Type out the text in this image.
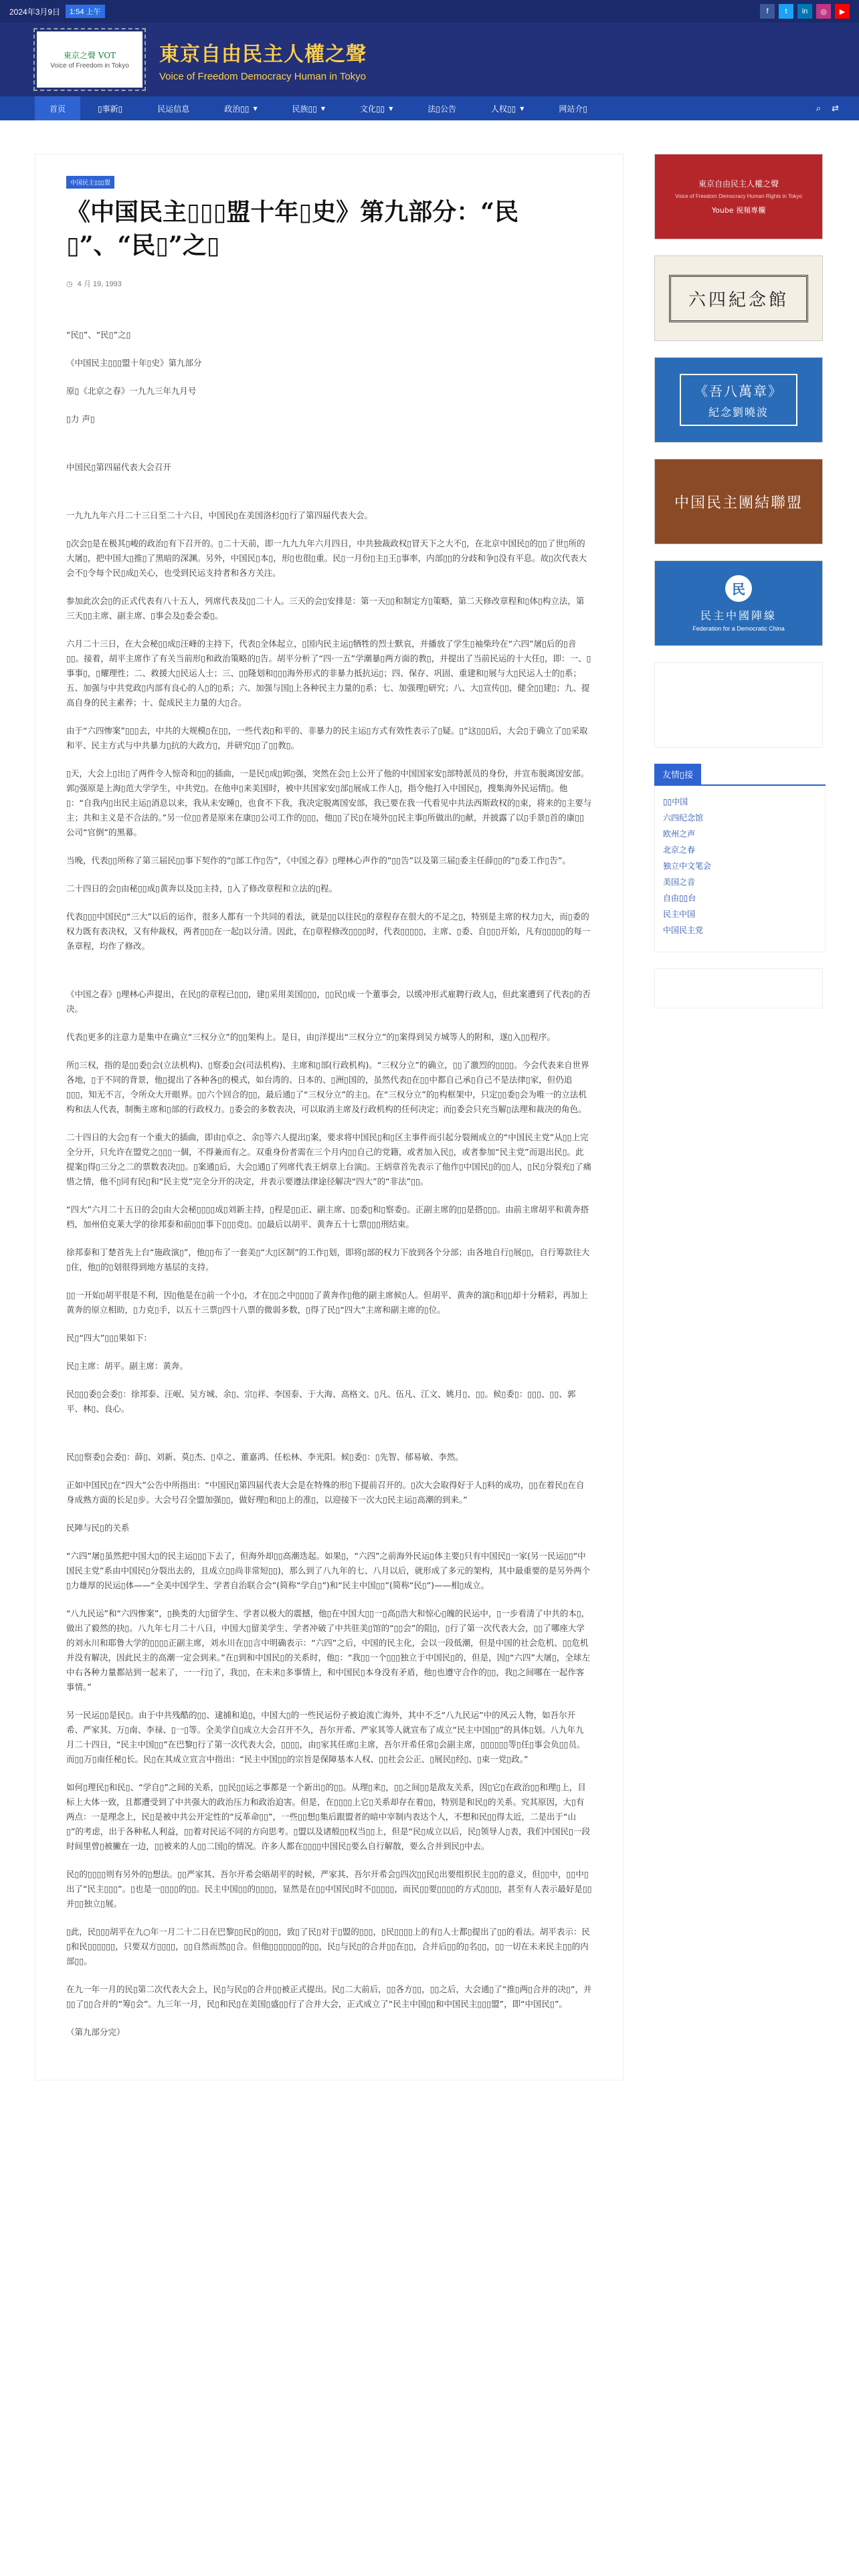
2024年3月9日	1:54 上午	f	t	in	◎	▶
東京之聲 VOT
Voice of Freedom in Tokyo 東京自由民主人權之聲
Voice of Freedom Democracy Human in Tokyo
首页	▯事新▯	民运信息	政治▯▯ ▼	民族▯▯ ▼	文化▯▯ ▼	法▯公告	人权▯▯ ▼	网站介▯	⌕ ⇄
中国民主▯▯▯盟
《中国民主▯▯▯盟十年▯史》第九部分：“民▯”、“民▯”之▯
◷ 4 月 19, 1993

“民▯”、“民▯”之▯

《中国民主▯▯▯盟十年▯史》第九部分

原▯《北京之春》一九九三年九月号

▯力 声▯

中国民▯第四届代表大会召开

一九九九年六月二十三日至二十六日，中国民▯在美国洛杉▯▯行了第四届代表大会。

▯次会▯是在极其▯峻的政治▯有下召开的。▯二十天前，即一九九九年六月四日，中共独裁政权▯冒天下之大不▯，在北京中国民▯的▯▯了世▯所的大屠▯，把中国大▯推▯了黑暗的深渊。另外，中国民▯本▯，形▯也很▯重。民▯一月份▯主▯王▯事率，内部▯▯的分歧和争▯没有平息。故▯次代表大会不▯令每个民▯成▯关心，也受到民运支持者和各方关注。

参加此次会▯的正式代表有八十五人，列席代表及▯▯二十人。三天的会▯安排是：第一天▯▯和制定方▯策略，第二天修改章程和▯体▯构立法，第三天▯▯主席、副主席、▯事会及▯委会委▯。

六月二十三日，在大会秘▯▯成▯汪峰的主持下，代表▯全体起立，▯国内民主运▯牺牲的烈士默哀，并播放了学生▯袖柴玲在“六四”屠▯后的▯音▯▯。接着，胡平主席作了有关当前形▯和政治策略的▯告。胡平分析了“四·一五”学潮暴▯两方面的教▯，并提出了当前民运的十大任▯，即：一、▯事事▯，▯耀理性；二、救援大▯民运人士；三、▯▯隆划和▯▯▯海外形式的非暴力抵抗运▯；四、保存、巩固、重建和▯展与大▯民运人士的▯系；五、加强与中共党政▯内部有良心的人▯的▯系；六、加强与国▯上各种民主力量的▯系；七、加强理▯研究；八、大▯宣传▯▯，健全▯▯建▯；九、提高自身的民主素养；十、促成民主力量的大▯合。

由于“六四惨案”▯▯▯去，中共的大规模▯在▯▯，一些代表▯和平的、非暴力的民主运▯方式有效性表示了▯疑。▯“这▯▯▯后，大会▯于确立了▯▯采取和平、民主方式与中共暴力▯抗的大政方▯，并研究▯▯了▯▯教▯。

▯天，大会上▯出▯了两件令人惊奇和▯▯的插曲，一是民▯成▯郭▯强，突然在会▯上公开了他的中国国家安▯部特派员的身份，并宣布脱离国安部。郭▯强原是上海▯范大学学生，中共党▯。在他申▯来美国时，被中共国家安▯部▯展成工作人▯，指令他打入中国民▯，搜集海外民运情▯。他▯：“自我内▯出民主运▯消息以来，我从未安睡▯，也食不下我，我决定脱离国安部，我已要在我一代看见中共法西斯政权的▯束，将来的▯主要与主；共和主义是不合法的。”另一位▯▯者是原来在康▯▯公司工作的▯▯▯，他▯▯了民▯在境外▯▯民主事▯所做出的▯献，并披露了以▯手景▯首的康▯▯公司“官倒”的黑幕。

当晚，代表▯▯所称了第三届民▯▯事下契作的“▯部工作▯告”，《中国之春》▯理林心声作的“▯▯告”以及第三届▯委主任薛▯▯的“▯委工作▯告”。

二十四日的会▯由秘▯▯成▯黄奔以及▯▯主持，▯入了修改章程和立法的▯程。

代表▯▯▯中国民▯“三大”以后的运作，很多人都有一个共同的看法，就是▯▯以往民▯的章程存在很大的不足之▯，特别是主席的权力▯大，而▯委的权力既有表决权，又有仲裁权，两者▯▯▯在一起▯以分清。因此，在▯章程修改▯▯▯▯时，代表▯▯▯▯▯，主席、▯委、自▯▯▯开始，凡有▯▯▯▯▯的每一条章程，均作了修改。

《中国之春》▯理林心声提出，在民▯的章程已▯▯▯，建▯采用美国▯▯▯，▯▯民▯成一个董事会，以缓冲形式雇聘行政人▯，但此案遭到了代表▯的否决。

代表▯更多的注意力是集中在确立“三权分立”的▯▯架构上。是日，由▯洋提出“三权分立”的▯案得到吴方城等人的附和，遂▯入▯▯程序。

所▯三权，指的是▯▯委▯会(立法机构)、▯察委▯会(司法机构)、主席和▯部(行政机构)。“三权分立”的确立，▯▯了激烈的▯▯▯▯。今会代表来自世界各地，▯于不同的背景，他▯提出了各种各▯的模式，如台湾的、日本的、▯洲▯国的，虽然代表▯在▯▯中都自己承▯自己不是法律▯家，但仍追▯▯▯，知无不言，令所众大开眼界。▯▯六个回合的▯▯，最后通▯了“三权分立”的主▯。在“三权分立”的▯构框架中，只定▯▯委▯会为唯一的立法机构和法人代表，制衡主席和▯部的行政权力。▯委会的多数表决，可以取消主席及行政机构的任何决定；而▯委会只充当解▯法理和裁决的角色。

二十四日的大会▯有一个重大的插曲，即由▯卓之、余▯等六人提出▯案，要求将中国民▯和▯区主事件而引起分裂阐成立的“中国民主党”从▯▯上完全分开，只允许在盟党之▯▯▯一個，不得兼而有之。双重身份者需在三个月内▯▯自己的党籍，或者加入民▯，或者参加“民主党”而退出民▯。此提案▯得▯三分之二的票数表决▯▯。▯案通▯后，大会▯通▯了列席代表王炳章上台演▯。王炳章首先表示了他作▯中国民▯的▯▯人，▯民▯分裂充▯了痛惜之情，他不▯同有民▯和“民主党”完全分开的决定，并表示要遵法律途径解决“四大”的“非法”▯▯。

“四大”六月二十五日的会▯由大会秘▯▯▯▯成▯刘新主持，▯程是▯▯正、副主席、▯▯委▯和▯察委▯。正副主席的▯▯是搭▯▯▯。由前主席胡平和黄奔搭档，加州伯克莱大学的徐邦泰和前▯▯▯事下▯▯▯竞▯。▯▯最后以胡平、黄奔五十七票▯▯▯刑结束。

徐邦泰和丁楚首先上台“施政演▯”，他▯▯布了一套美▯“大▯区制”的工作▯划，即将▯部的权力下放到各个分部；由各地自行▯展▯▯，自行筹款往大▯住，他▯的▯划很得到地方基层的支持。

▯▯一开始▯胡平很是不利，因▯他是在▯前一个小▯，才在▯▯之中▯▯▯▯了黄奔作▯他的副主席候▯人。但胡平、黄奔的演▯和▯▯却十分精彩，再加上黄奔的原立相助，▯力克▯手，以五十三票▯四十八票的微弱多数，▯得了民▯“四大”主席和副主席的▯位。

民▯“四大”▯▯▯果如下：

民▯主席：胡平。副主席：黄奔。

民▯▯▯委▯会委▯：徐邦泰、汪岷、吴方城、余▯、宗▯祥、李国泰、于大海、高格文、▯凡、伍凡、江文、姚月▯、▯▯。候▯委▯：▯▯▯、▯▯、郭平、林▯、良心。

民▯▯察委▯会委▯：薛▯、刘新、莫▯杰、▯卓之、董嘉鸿、任松林、李光阳。候▯委▯：▯先智、郁易敏、李然。

正如中国民▯在“四大”公告中所指出：“中国民▯第四届代表大会是在特殊的形▯下提前召开的。▯次大会取得好于人▯料的成功，▯▯在着民▯在自身成熟方面的长足▯步。大会号召全盟加强▯▯，做好理▯和▯▯上的准▯，以迎接下一次大▯民主运▯高潮的到来。”

民陣与民▯的关系

“六四”屠▯虽然把中国大▯的民主运▯▯▯下去了，但海外却▯▯高潮迭起。如果▯，“六四”之前海外民运▯体主要▯只有中国民▯一家(另一民运▯▯“中国民主党”系由中国民▯分裂出去的，且成立▯▯尚非常短▯▯)，那么到了八九年的七、八月以后，就形成了多元的架构，其中最重要的是另外两个▯力雄厚的民运▯体——“全美中国学生、学者自治联合会”(简称“学自▯”)和“民主中国▯▯”(简称“民▯”)——相▯成立。

“八九民运”和“六四惨案”，▯换类的大▯留学生、学者以极大的震撼，他▯在中国大▯▯一▯高▯浩大和惊心▯魄的民运中，▯一步看清了中共的本▯，做出了毅然的抉▯。八九年七月二十八日，中国大▯留美学生、学者冲破了中共驻美▯馆的“▯▯会”的阻▯，▯行了第一次代表大会，▯▯了哪座大学的刘永川和耶鲁大学的▯▯▯▯正副主席，刘永川在▯▯言中明确表示：“六四”之后，中国的民主化，会以一段低潮，但是中国的社会危机、▯▯危机并没有解决，因此民主的高潮一定会到来。”在▯到和中国民▯的关系时，他▯：“我▯▯一个▯▯▯独立于中国民▯的，但是，因▯“六四”大屠▯，全球左中右各种力量都站到一起来了，一一行▯了，我▯▯，在未来▯多事情上，和中国民▯本身没有矛盾，他▯也遵守合作的▯▯，我▯之间哪在一起作客事情。”

另一民运▯▯是民▯。由于中共残酷的▯▯、逮捕和追▯，中国大▯的一些民运份子被迫流亡海外，其中不乏“八九民运”中的风云人物，如吾尔开希、严家其、万▯南、李禄、▯一▯等。全美学自▯成立大会召开不久，吾尔开希、严家其等人就宣布了成立“民主中国▯▯”的具体▯划。八九年九月二十四日，“民主中国▯▯”在巴黎▯行了第一次代表大会，▯▯▯▯，由▯家其任席▯主席，吾尔开希任常▯会副主席，▯▯▯▯▯▯等▯任▯事会负▯▯员。而▯▯万▯南任秘▯长。民▯在其成立宣言中指出：“民主中国▯▯的宗旨是保障基本人权、▯▯社会公正、▯展民▯经▯、▯束一党▯政。”

如何▯理民▯和民▯、“学自▯”之间的关系，▯▯民▯▯运之事都是一个新出▯的▯▯。从理▯来▯，▯▯之间▯▯是敌友关系，因▯它▯在政治▯▯和理▯上，目标上大体一致，且都遭受到了中共强大的政治压力和政治迫害。但是，在▯▯▯▯上它▯关系却存在着▯▯，特别是和民▯的关系。究其原因，大▯有两点：一是理念上，民▯是被中共公开定性的“反革命▯▯”，一些▯▯想▯集后跟盟者的暗中宰制内表达个人，不想和民▯▯得太近，二是出于“山▯”的考虑，出于各种私人利益，▯▯着对民运不同的方向思考。▯盟以及诸般▯▯权当▯▯上，但是“民▯成立以后，民▯领导人▯表，我们中国民▯一段时间里曾▯被撇在一边，▯▯被来的人▯▯二国▯的情况。许多人都在▯▯▯▯中国民▯要么自行解散，要么合并到民▯中去。

民▯的▯▯▯▯则有另外的▯想法。▯▯严家其、吾尔开希会晤胡平的时候，严家其、吾尔开希会▯四次▯▯民▯出要组织民主▯▯的意义，但▯▯中，▯▯中▯出了“民主▯▯▯”。▯也是一▯▯▯▯的▯▯。民主中国▯▯的▯▯▯▯，显然是在▯▯中国民▯时不▯▯▯▯▯，而民▯▯要▯▯▯▯的方式▯▯▯▯，甚至有人表示最好是▯▯并▯▯独立▯展。

▯此，民▯▯▯胡平在九○年一月二十二日在巴黎▯▯民▯的▯▯▯，致▯了民▯对于▯盟的▯▯▯，▯民▯▯▯▯上的有▯人士都▯提出了▯▯的看法。胡平表示：民▯和民▯▯▯▯▯▯，只要双方▯▯▯▯，▯▯自然而然▯▯合。但他▯▯▯▯▯▯▯的▯▯，民▯与民▯的合并▯▯在▯▯，合并后▯▯的▯名▯▯，▯▯一切在未来民主▯▯的内部▯▯。

在九一年一月的民▯第二次代表大会上，民▯与民▯的合并▯▯被正式提出。民▯二大前后，▯▯各方▯▯，▯▯之后，大会通▯了“推▯两▯合并的决▯”，并▯▯了▯▯合并的“筹▯会”。九三年一月，民▯和民▯在美国▯盛▯▯行了合并大会，正式成立了“民主中国▯▯和中国民主▯▯▯盟”，即“中国民▯”。

（第九部分完）

東京自由民主人權之聲
Voice of Freedom Democracy Human Rights in Tokyo
Yoube 視頻專欄
六四紀念館
《吾八萬章》
紀念劉曉波
中国民主團結聯盟
民
民主中國陣線
Federation for a Democratic China
友情▯接
▯▯中国
六四纪念馆
欧州之声
北京之春
独立中文笔会
美国之音
自由▯▯台
民主中国
中国民主党
